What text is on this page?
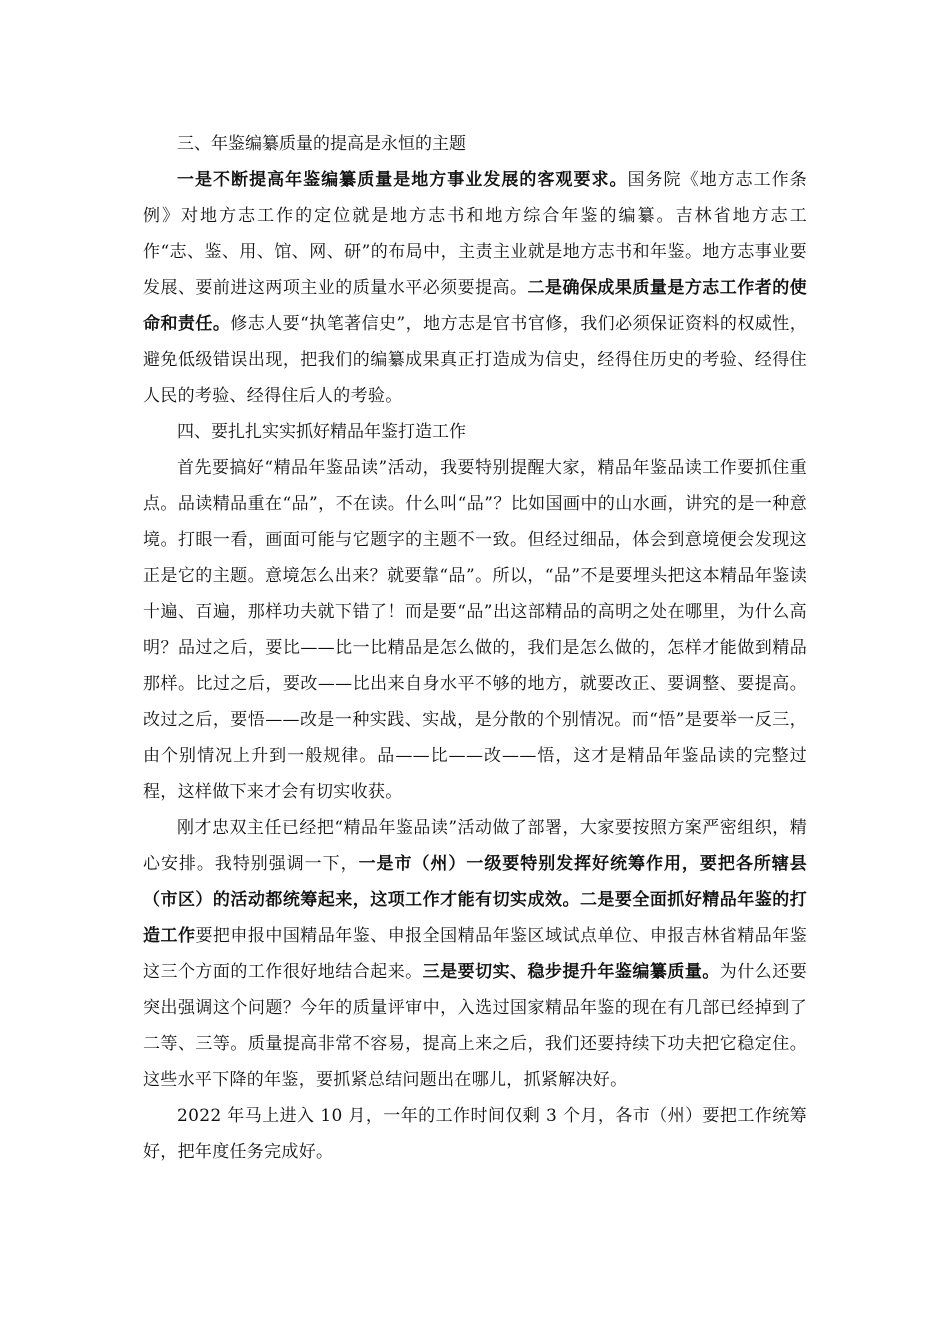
三、年鉴编纂质量的提高是永恒的主题

一是不断提高年鉴编纂质量是地方事业发展的客观要求。国务院《地方志工作条例》对地方志工作的定位就是地方志书和地方综合年鉴的编纂。吉林省地方志工作“志、鉴、用、馆、网、研”的布局中，主责主业就是地方志书和年鉴。地方志事业要发展、要前进这两项主业的质量水平必须要提高。二是确保成果质量是方志工作者的使命和责任。修志人要“执笔著信史”，地方志是官书官修，我们必须保证资料的权威性，避免低级错误出现，把我们的编纂成果真正打造成为信史，经得住历史的考验、经得住人民的考验、经得住后人的考验。

四、要扎扎实实抓好精品年鉴打造工作

首先要搞好“精品年鉴品读”活动，我要特别提醒大家，精品年鉴品读工作要抓住重点。品读精品重在“品”，不在读。什么叫“品”？比如国画中的山水画，讲究的是一种意境。打眼一看，画面可能与它题字的主题不一致。但经过细品，体会到意境便会发现这正是它的主题。意境怎么出来？就要靠“品”。所以，“品”不是要埋头把这本精品年鉴读十遍、百遍，那样功夫就下错了！而是要“品”出这部精品的高明之处在哪里，为什么高明？品过之后，要比——比一比精品是怎么做的，我们是怎么做的，怎样才能做到精品那样。比过之后，要改——比出来自身水平不够的地方，就要改正、要调整、要提高。改过之后，要悟——改是一种实践、实战，是分散的个别情况。而“悟”是要举一反三，由个别情况上升到一般规律。品——比——改——悟，这才是精品年鉴品读的完整过程，这样做下来才会有切实收获。

刚才忠双主任已经把“精品年鉴品读”活动做了部署，大家要按照方案严密组织，精心安排。我特别强调一下，一是市（州）一级要特别发挥好统筹作用，要把各所辖县（市区）的活动都统筹起来，这项工作才能有切实成效。二是要全面抓好精品年鉴的打造工作要把申报中国精品年鉴、申报全国精品年鉴区域试点单位、申报吉林省精品年鉴这三个方面的工作很好地结合起来。三是要切实、稳步提升年鉴编纂质量。为什么还要突出强调这个问题？今年的质量评审中，入选过国家精品年鉴的现在有几部已经掉到了二等、三等。质量提高非常不容易，提高上来之后，我们还要持续下功夫把它稳定住。这些水平下降的年鉴，要抓紧总结问题出在哪儿，抓紧解决好。

2022 年马上进入 10 月，一年的工作时间仅剩 3 个月，各市（州）要把工作统筹好，把年度任务完成好。
